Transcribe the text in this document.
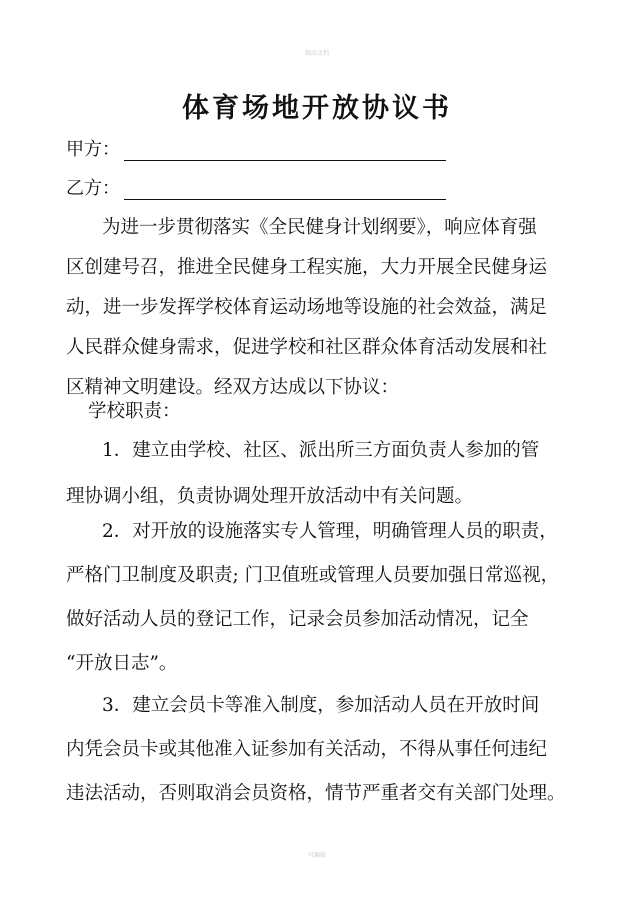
精品文档
体育场地开放协议书
甲方：
乙方：

为进一步贯彻落实《全民健身计划纲要》，响应体育强

区创建号召，推进全民健身工程实施，大力开展全民健身运

动，进一步发挥学校体育运动场地等设施的社会效益，满足

人民群众健身需求，促进学校和社区群众体育活动发展和社

区精神文明建设。经双方达成以下协议：

学校职责：

1．建立由学校、社区、派出所三方面负责人参加的管

理协调小组，负责协调处理开放活动中有关问题。

2．对开放的设施落实专人管理，明确管理人员的职责，

严格门卫制度及职责; 门卫值班或管理人员要加强日常巡视，

做好活动人员的登记工作，记录会员参加活动情况，记全

“开放日志”。

3．建立会员卡等准入制度，参加活动人员在开放时间

内凭会员卡或其他准入证参加有关活动，不得从事任何违纪

违法活动，否则取消会员资格，情节严重者交有关部门处理。

可编辑
